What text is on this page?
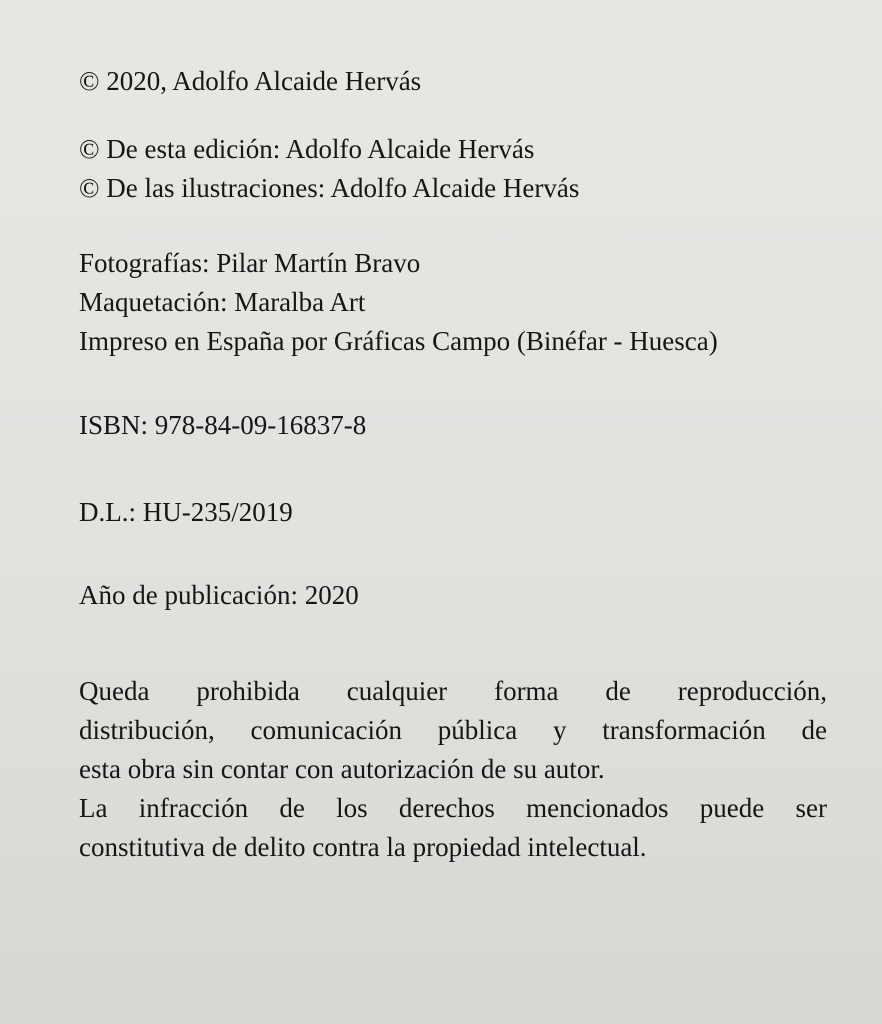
© 2020, Adolfo Alcaide Hervás

© De esta edición: Adolfo Alcaide Hervás

© De las ilustraciones: Adolfo Alcaide Hervás

Fotografías: Pilar Martín Bravo

Maquetación: Maralba Art

Impreso en España por Gráficas Campo (Binéfar - Huesca)

ISBN: 978-84-09-16837-8

D.L.: HU-235/2019

Año de publicación: 2020

Queda prohibida cualquier forma de reproducción,

distribución, comunicación pública y transformación de

esta obra sin contar con autorización de su autor.

La infracción de los derechos mencionados puede ser

constitutiva de delito contra la propiedad intelectual.
